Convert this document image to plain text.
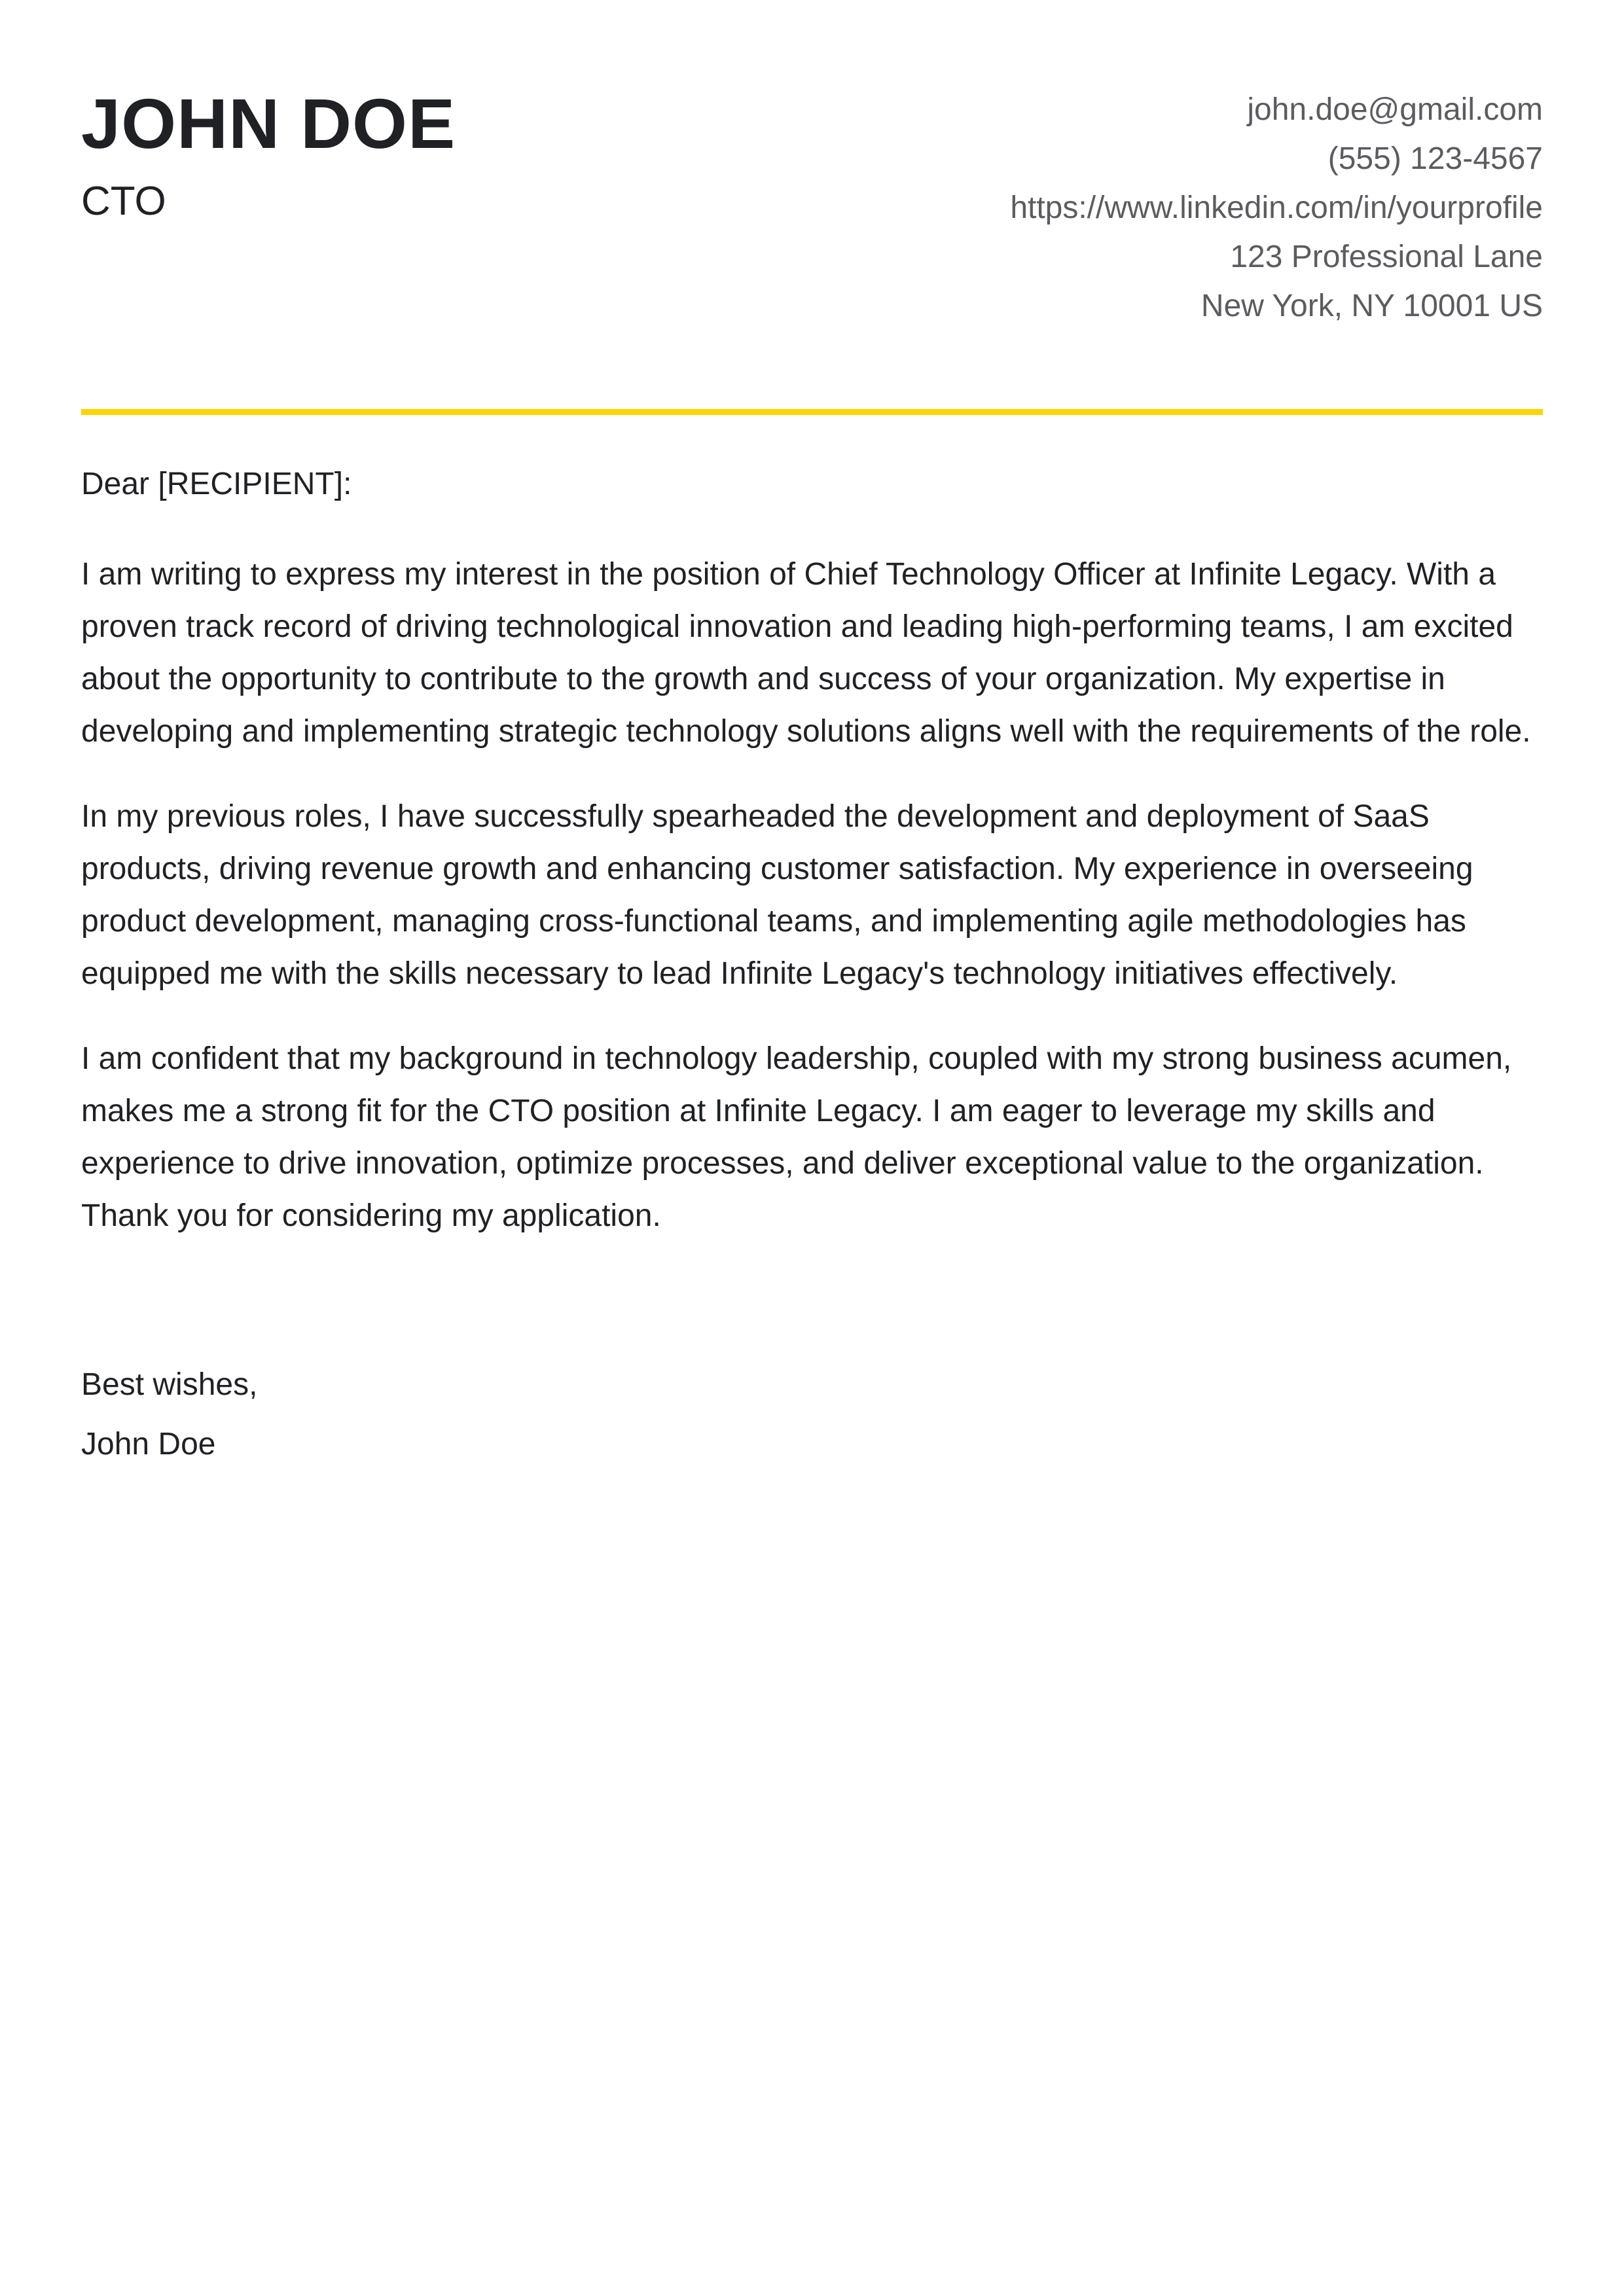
JOHN DOE
CTO
john.doe@gmail.com
(555) 123-4567
https://www.linkedin.com/in/yourprofile
123 Professional Lane
New York, NY 10001 US

Dear [RECIPIENT]:

I am writing to express my interest in the position of Chief Technology Officer at Infinite Legacy. With a proven track record of driving technological innovation and leading high-performing teams, I am excited about the opportunity to contribute to the growth and success of your organization. My expertise in developing and implementing strategic technology solutions aligns well with the requirements of the role.

In my previous roles, I have successfully spearheaded the development and deployment of SaaS products, driving revenue growth and enhancing customer satisfaction. My experience in overseeing product development, managing cross-functional teams, and implementing agile methodologies has equipped me with the skills necessary to lead Infinite Legacy's technology initiatives effectively.

I am confident that my background in technology leadership, coupled with my strong business acumen, makes me a strong fit for the CTO position at Infinite Legacy. I am eager to leverage my skills and experience to drive innovation, optimize processes, and deliver exceptional value to the organization. Thank you for considering my application.

Best wishes,
John Doe
